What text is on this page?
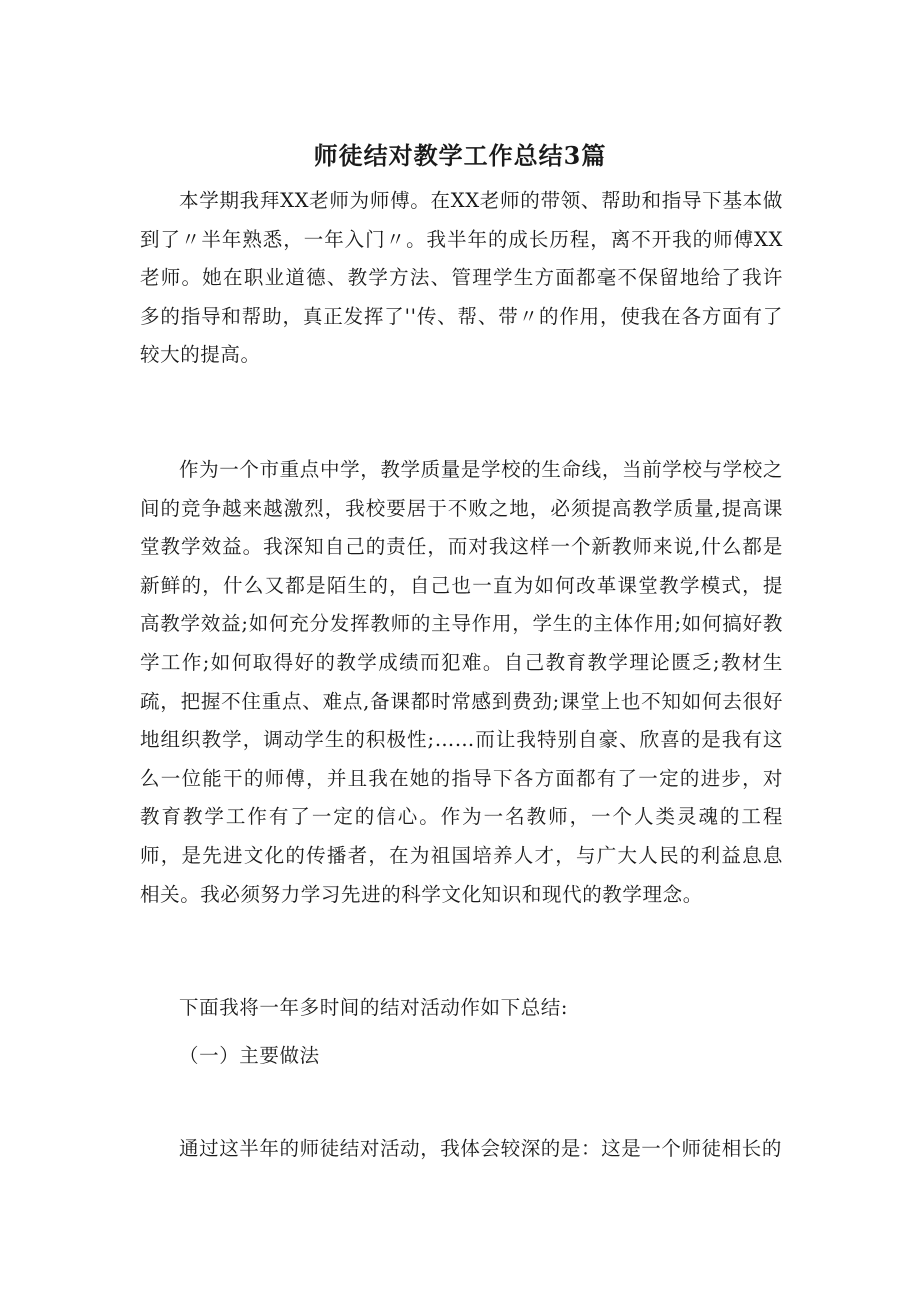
师徒结对教学工作总结3篇

本学期我拜XX老师为师傅。在XX老师的带领、帮助和指导下基本做到了〃半年熟悉，一年入门〃。我半年的成长历程，离不开我的师傅XX老师。她在职业道德、教学方法、管理学生方面都毫不保留地给了我许多的指导和帮助，真正发挥了''传、帮、带〃的作用，使我在各方面有了较大的提高。

作为一个市重点中学，教学质量是学校的生命线，当前学校与学校之间的竞争越来越激烈，我校要居于不败之地，必须提高教学质量,提高课堂教学效益。我深知自己的责任，而对我这样一个新教师来说,什么都是新鲜的，什么又都是陌生的，自己也一直为如何改革课堂教学模式，提高教学效益;如何充分发挥教师的主导作用，学生的主体作用;如何搞好教学工作;如何取得好的教学成绩而犯难。自己教育教学理论匮乏;教材生疏，把握不住重点、难点,备课都时常感到费劲;课堂上也不知如何去很好地组织教学，调动学生的积极性;……而让我特别自豪、欣喜的是我有这么一位能干的师傅，并且我在她的指导下各方面都有了一定的进步，对教育教学工作有了一定的信心。作为一名教师，一个人类灵魂的工程师，是先进文化的传播者，在为祖国培养人才，与广大人民的利益息息相关。我必须努力学习先进的科学文化知识和现代的教学理念。

下面我将一年多时间的结对活动作如下总结:

（一）主要做法

通过这半年的师徒结对活动，我体会较深的是：这是一个师徒相长的
